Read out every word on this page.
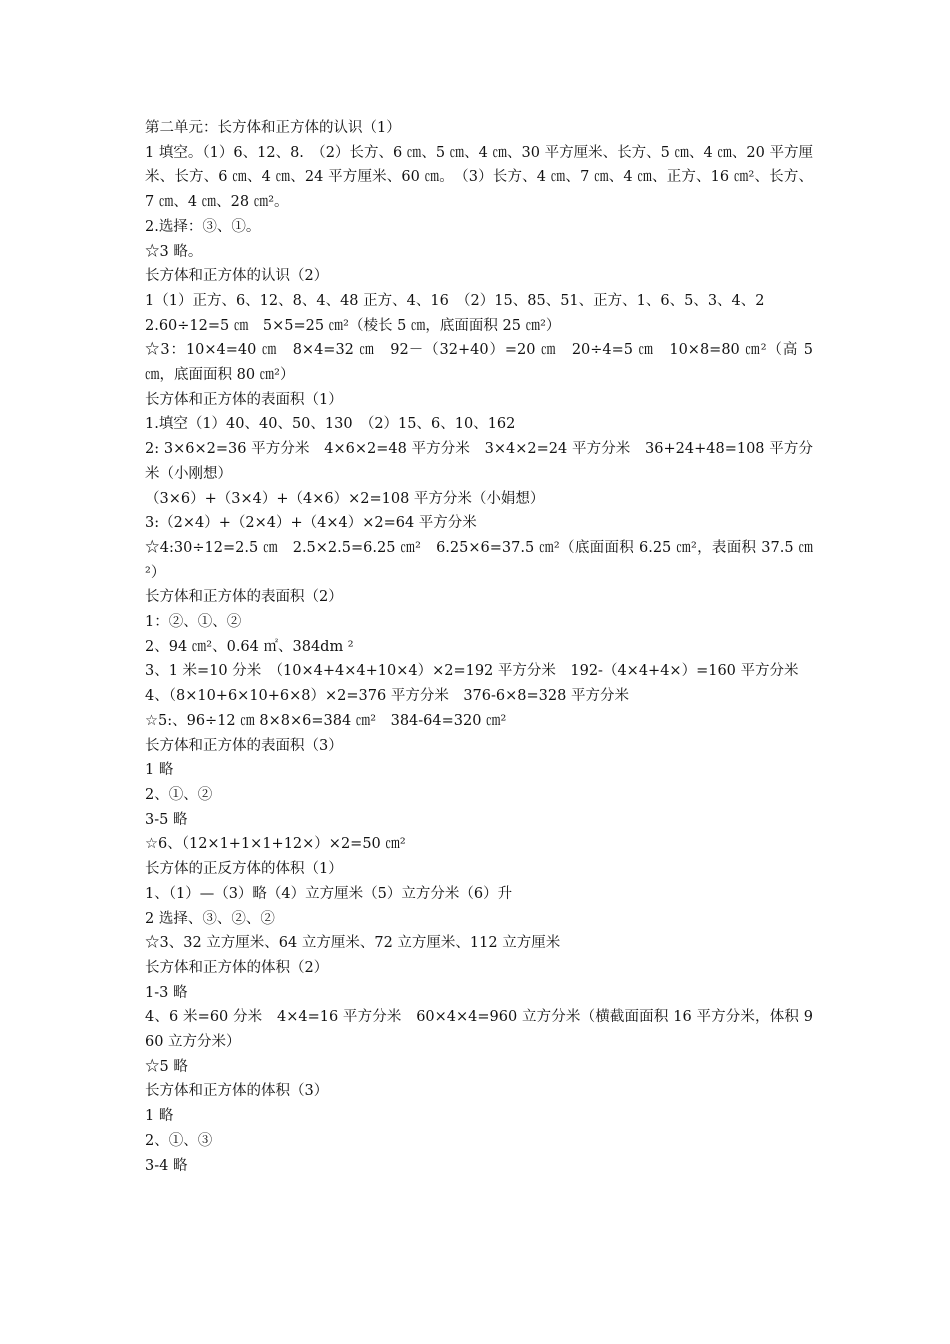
第二单元：长方体和正方体的认识（1）

1 填空。（1）6、12、8.　（2）长方、6 ㎝、5 ㎝、4 ㎝、30 平方厘米、长方、5 ㎝、4 ㎝、20 平方厘米、长方、6 ㎝、4 ㎝、24 平方厘米、60 ㎝。　（3）长方、4 ㎝、7 ㎝、4 ㎝、正方、16 ㎝²、长方、7 ㎝、4 ㎝、28 ㎝²。

2.选择：③、①。

☆3 略。

长方体和正方体的认识（2）

1（1）正方、6、12、8、4、48 正方、4、16　（2）15、85、51、正方、1、6、5、3、4、2

2.60÷12=5 ㎝　5×5=25 ㎝²（棱长 5 ㎝，底面面积 25 ㎝²）

☆3：10×4=40 ㎝　8×4=32 ㎝　92－（32+40）=20 ㎝　20÷4=5 ㎝　10×8=80 ㎝²（高 5 ㎝，底面面积 80 ㎝²）

长方体和正方体的表面积（1）

1.填空（1）40、40、50、130　（2）15、6、10、162

2: 3×6×2=36 平方分米　4×6×2=48 平方分米　3×4×2=24 平方分米　36+24+48=108 平方分米（小刚想）

（3×6）+（3×4）+（4×6）×2=108 平方分米（小娟想）

3:（2×4）+（2×4）+（4×4）×2=64 平方分米

☆4:30÷12=2.5 ㎝　2.5×2.5=6.25 ㎝²　6.25×6=37.5 ㎝²（底面面积 6.25 ㎝²，表面积 37.5 ㎝²）

长方体和正方体的表面积（2）

1：②、①、②

2、94 ㎝²、0.64 ㎡、384dm ²

3、1 米=10 分米　（10×4+4×4+10×4）×2=192 平方分米　192-（4×4+4×）=160 平方分米

4、（8×10+6×10+6×8）×2=376 平方分米　376-6×8=328 平方分米

☆5:、96÷12 ㎝ 8×8×6=384 ㎝²　384-64=320 ㎝²

长方体和正方体的表面积（3）

1 略

2、①、②

3-5 略

☆6、（12×1+1×1+12×）×2=50 ㎝²

长方体的正反方体的体积（1）

1、（1）—（3）略（4）立方厘米（5）立方分米（6）升

2 选择、③、②、②

☆3、32 立方厘米、64 立方厘米、72 立方厘米、112 立方厘米

长方体和正方体的体积（2）

1-3 略

4、6 米=60 分米　4×4=16 平方分米　60×4×4=960 立方分米（横截面面积 16 平方分米，体积 960 立方分米）

☆5 略

长方体和正方体的体积（3）

1 略

2、①、③

3-4 略
